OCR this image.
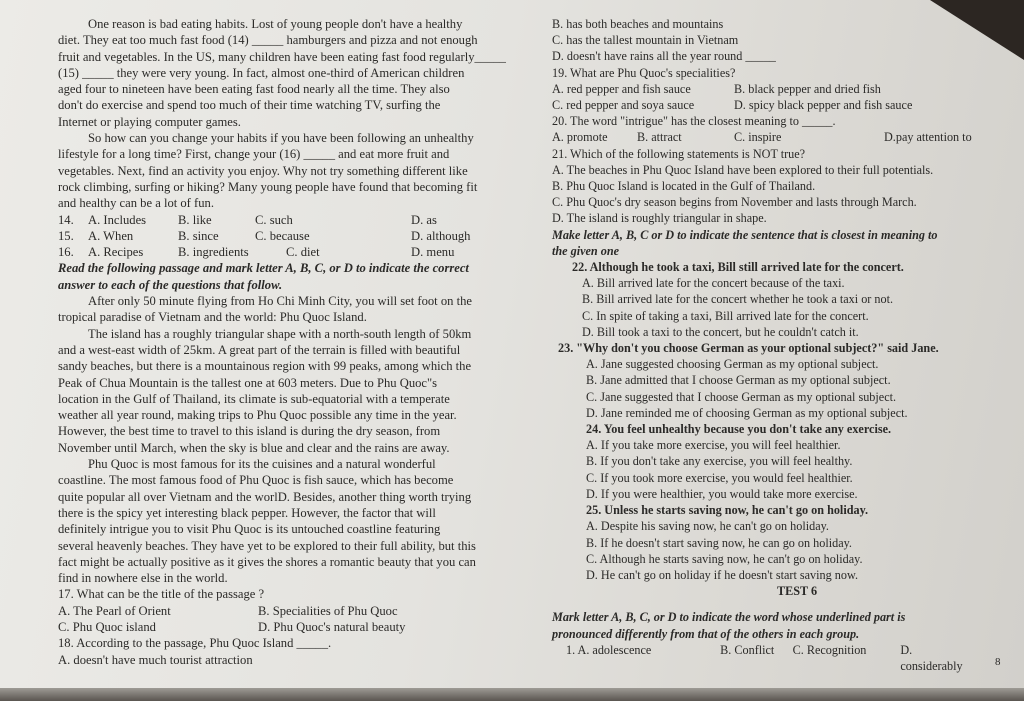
One reason is bad eating habits. Lost of young people don't have a healthy

diet. They eat too much fast food (14) _____ hamburgers and pizza and not enough

fruit and vegetables. In the US, many children have been eating fast food regularly_____

(15) _____ they were very young. In fact, almost one-third of American children

aged four to nineteen have been eating fast food nearly all the time. They also

don't do exercise and spend too much of their time watching TV, surfing the

Internet or playing computer games.

So how can you change your habits if you have been following an unhealthy

lifestyle for a long time? First, change your (16) _____ and eat more fruit and

vegetables. Next, find an activity you enjoy. Why not try something different like

rock climbing, surfing or hiking? Many young people have found that becoming fit

and healthy can be a lot of fun.

14.	A. Includes	B. like	C. such	D. as
15.	A. When	B. since	C. because	D. although
16.	A. Recipes	B. ingredients	C. diet	D. menu

Read the following passage and mark letter A, B, C, or D to indicate the correct

answer to each of the questions that follow.

After only 50 minute flying from Ho Chi Minh City, you will set foot on the

tropical paradise of Vietnam and the world: Phu Quoc Island.

The island has a roughly triangular shape with a north-south length of 50km

and a west-east width of 25km. A great part of the terrain is filled with beautiful

sandy beaches, but there is a mountainous region with 99 peaks, among which the

Peak of Chua Mountain is the tallest one at 603 meters. Due to Phu Quoc"s

location in the Gulf of Thailand, its climate is sub-equatorial with a temperate

weather all year round, making trips to Phu Quoc possible any time in the year.

However, the best time to travel to this island is during the dry season, from

November until March, when the sky is blue and clear and the rains are away.

Phu Quoc is most famous for its the cuisines and a natural wonderful

coastline. The most famous food of Phu Quoc is fish sauce, which has become

quite popular all over Vietnam and the worlD. Besides, another thing worth trying

there is the spicy yet interesting black pepper. However, the factor that will

definitely intrigue you to visit Phu Quoc is its untouched coastline featuring

several heavenly beaches. They have yet to be explored to their full ability, but this

fact might be actually positive as it gives the shores a romantic beauty that you can

find in nowhere else in the world.

17. What can be the title of the passage ?

A. The Pearl of Orient	B. Specialities of Phu Quoc
C. Phu Quoc island	D. Phu Quoc's natural beauty

18. According to the passage, Phu Quoc Island _____.

A. doesn't have much tourist attraction

B. has both beaches and mountains

C. has the tallest mountain in Vietnam

D. doesn't have rains all the year round _____

19. What are Phu Quoc's specialities?

A. red pepper and fish sauce	B. black pepper and dried fish
C. red pepper and soya sauce	D. spicy black pepper and fish sauce

20. The word "intrigue" has the closest meaning to _____.

A. promote	B. attract	C. inspire	D.pay attention to

21. Which of the following statements is NOT true?

A. The beaches in Phu Quoc Island have been explored to their full potentials.

B. Phu Quoc Island is located in the Gulf of Thailand.

C. Phu Quoc's dry season begins from November and lasts through March.

D. The island is roughly triangular in shape.

Make letter A, B, C or D to indicate the sentence that is closest in meaning to

the given one

22. Although he took a taxi, Bill still arrived late for the concert.

A. Bill arrived late for the concert because of the taxi.

B. Bill arrived late for the concert whether he took a taxi or not.

C. In spite of taking a taxi, Bill arrived late for the concert.

D. Bill took a taxi to the concert, but he couldn't catch it.

23. "Why don't you choose German as your optional subject?" said Jane.

A. Jane suggested choosing German as my optional subject.

B. Jane admitted that I choose German as my optional subject.

C. Jane suggested that I choose German as my optional subject.

D. Jane reminded me of choosing German as my optional subject.

24. You feel unhealthy because you don't take any exercise.

A. If you take more exercise, you will feel healthier.

B. If you don't take any exercise, you will feel healthy.

C. If you took more exercise, you would feel healthier.

D. If you were healthier, you would take more exercise.

25. Unless he starts saving now, he can't go on holiday.

A. Despite his saving now, he can't go on holiday.

B. If he doesn't start saving now, he can go on holiday.

C. Although he starts saving now, he can't go on holiday.

D. He can't go on holiday if he doesn't start saving now.

TEST 6

Mark letter A, B, C, or D to indicate the word whose underlined part is

pronounced differently from that of the others in each group.

1. A. adolescence	B. Conflict	C. Recognition	D. considerably	8
